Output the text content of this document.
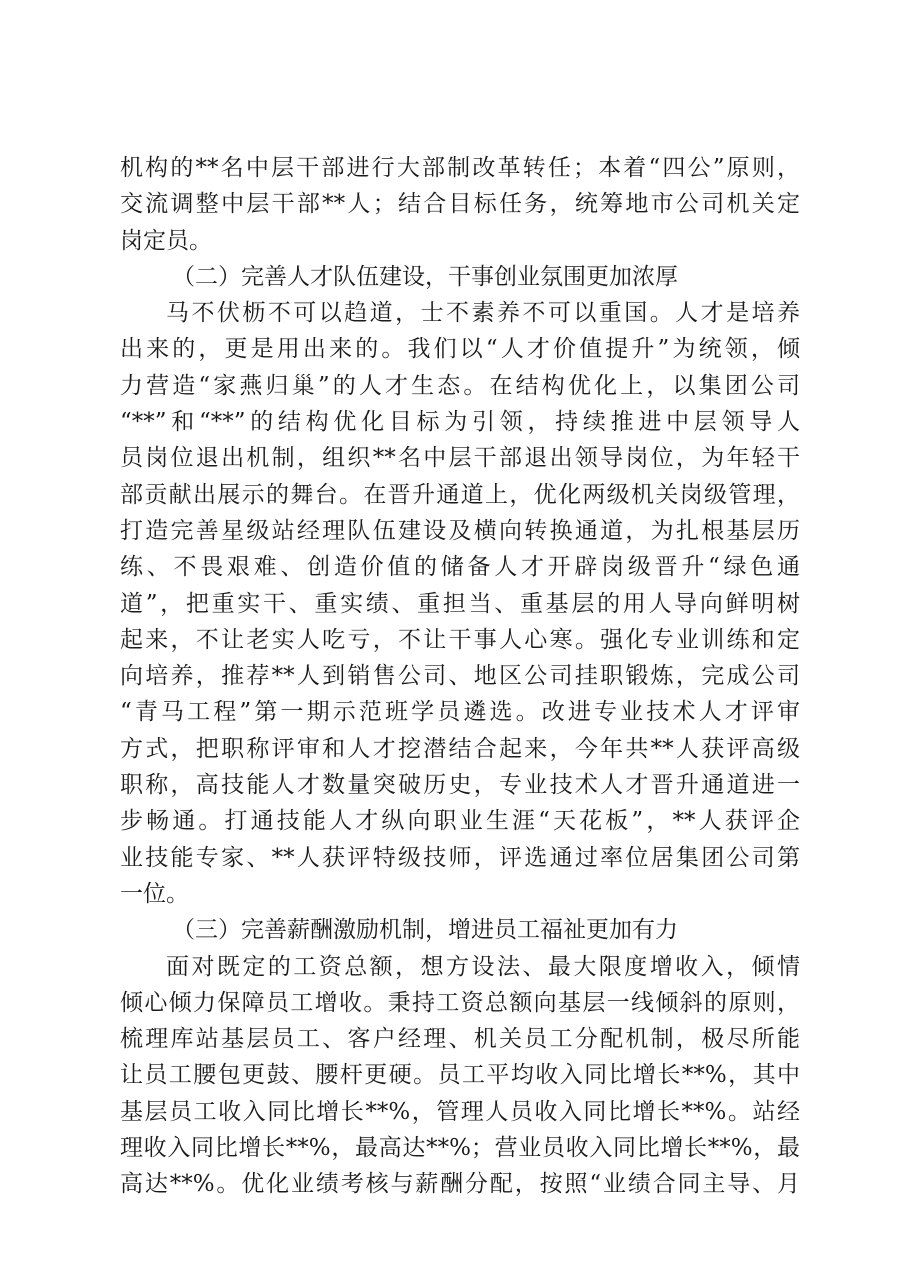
机构的**名中层干部进行大部制改革转任；本着“四公”原则，
交流调整中层干部**人；结合目标任务，统筹地市公司机关定
岗定员。
（二）完善人才队伍建设，干事创业氛围更加浓厚
马不伏枥不可以趋道，士不素养不可以重国。人才是培养
出来的，更是用出来的。我们以“人才价值提升”为统领，倾
力营造“家燕归巢”的人才生态。在结构优化上，以集团公司
“**”和“**”的结构优化目标为引领，持续推进中层领导人
员岗位退出机制，组织**名中层干部退出领导岗位，为年轻干
部贡献出展示的舞台。在晋升通道上，优化两级机关岗级管理，
打造完善星级站经理队伍建设及横向转换通道，为扎根基层历
练、不畏艰难、创造价值的储备人才开辟岗级晋升“绿色通
道”，把重实干、重实绩、重担当、重基层的用人导向鲜明树
起来，不让老实人吃亏，不让干事人心寒。强化专业训练和定
向培养，推荐**人到销售公司、地区公司挂职锻炼，完成公司
“青马工程”第一期示范班学员遴选。改进专业技术人才评审
方式，把职称评审和人才挖潜结合起来，今年共**人获评高级
职称，高技能人才数量突破历史，专业技术人才晋升通道进一
步畅通。打通技能人才纵向职业生涯“天花板”，**人获评企
业技能专家、**人获评特级技师，评选通过率位居集团公司第
一位。
（三）完善薪酬激励机制，增进员工福祉更加有力
面对既定的工资总额，想方设法、最大限度增收入，倾情
倾心倾力保障员工增收。秉持工资总额向基层一线倾斜的原则，
梳理库站基层员工、客户经理、机关员工分配机制，极尽所能
让员工腰包更鼓、腰杆更硬。员工平均收入同比增长**%，其中
基层员工收入同比增长**%，管理人员收入同比增长**%。站经
理收入同比增长**%，最高达**%；营业员收入同比增长**%，最
高达**%。优化业绩考核与薪酬分配，按照“业绩合同主导、月
